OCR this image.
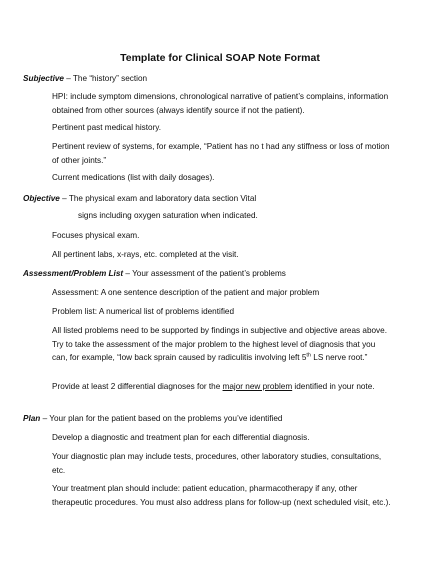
Template for Clinical SOAP Note Format
Subjective – The “history” section
HPI: include symptom dimensions, chronological narrative of patient’s complains, information obtained from other sources (always identify source if not the patient).
Pertinent past medical history.
Pertinent review of systems, for example, “Patient has no t had any stiffness or loss of motion of other joints.”
Current medications (list with daily dosages).
Objective – The physical exam and laboratory data section Vital
signs including oxygen saturation when indicated.
Focuses physical exam.
All pertinent labs, x-rays, etc. completed at the visit.
Assessment/Problem List – Your assessment of the patient’s problems
Assessment: A one sentence description of the patient and major problem
Problem list: A numerical list of problems identified
All listed problems need to be supported by findings in subjective and objective areas above. Try to take the assessment of the major problem to the highest level of diagnosis that you can, for example, “low back sprain caused by radiculitis involving left 5th LS nerve root.”
Provide at least 2 differential diagnoses for the major new problem identified in your note.
Plan – Your plan for the patient based on the problems you’ve identified
Develop a diagnostic and treatment plan for each differential diagnosis.
Your diagnostic plan may include tests, procedures, other laboratory studies, consultations, etc.
Your treatment plan should include: patient education, pharmacotherapy if any, other therapeutic procedures. You must also address plans for follow-up (next scheduled visit, etc.).
